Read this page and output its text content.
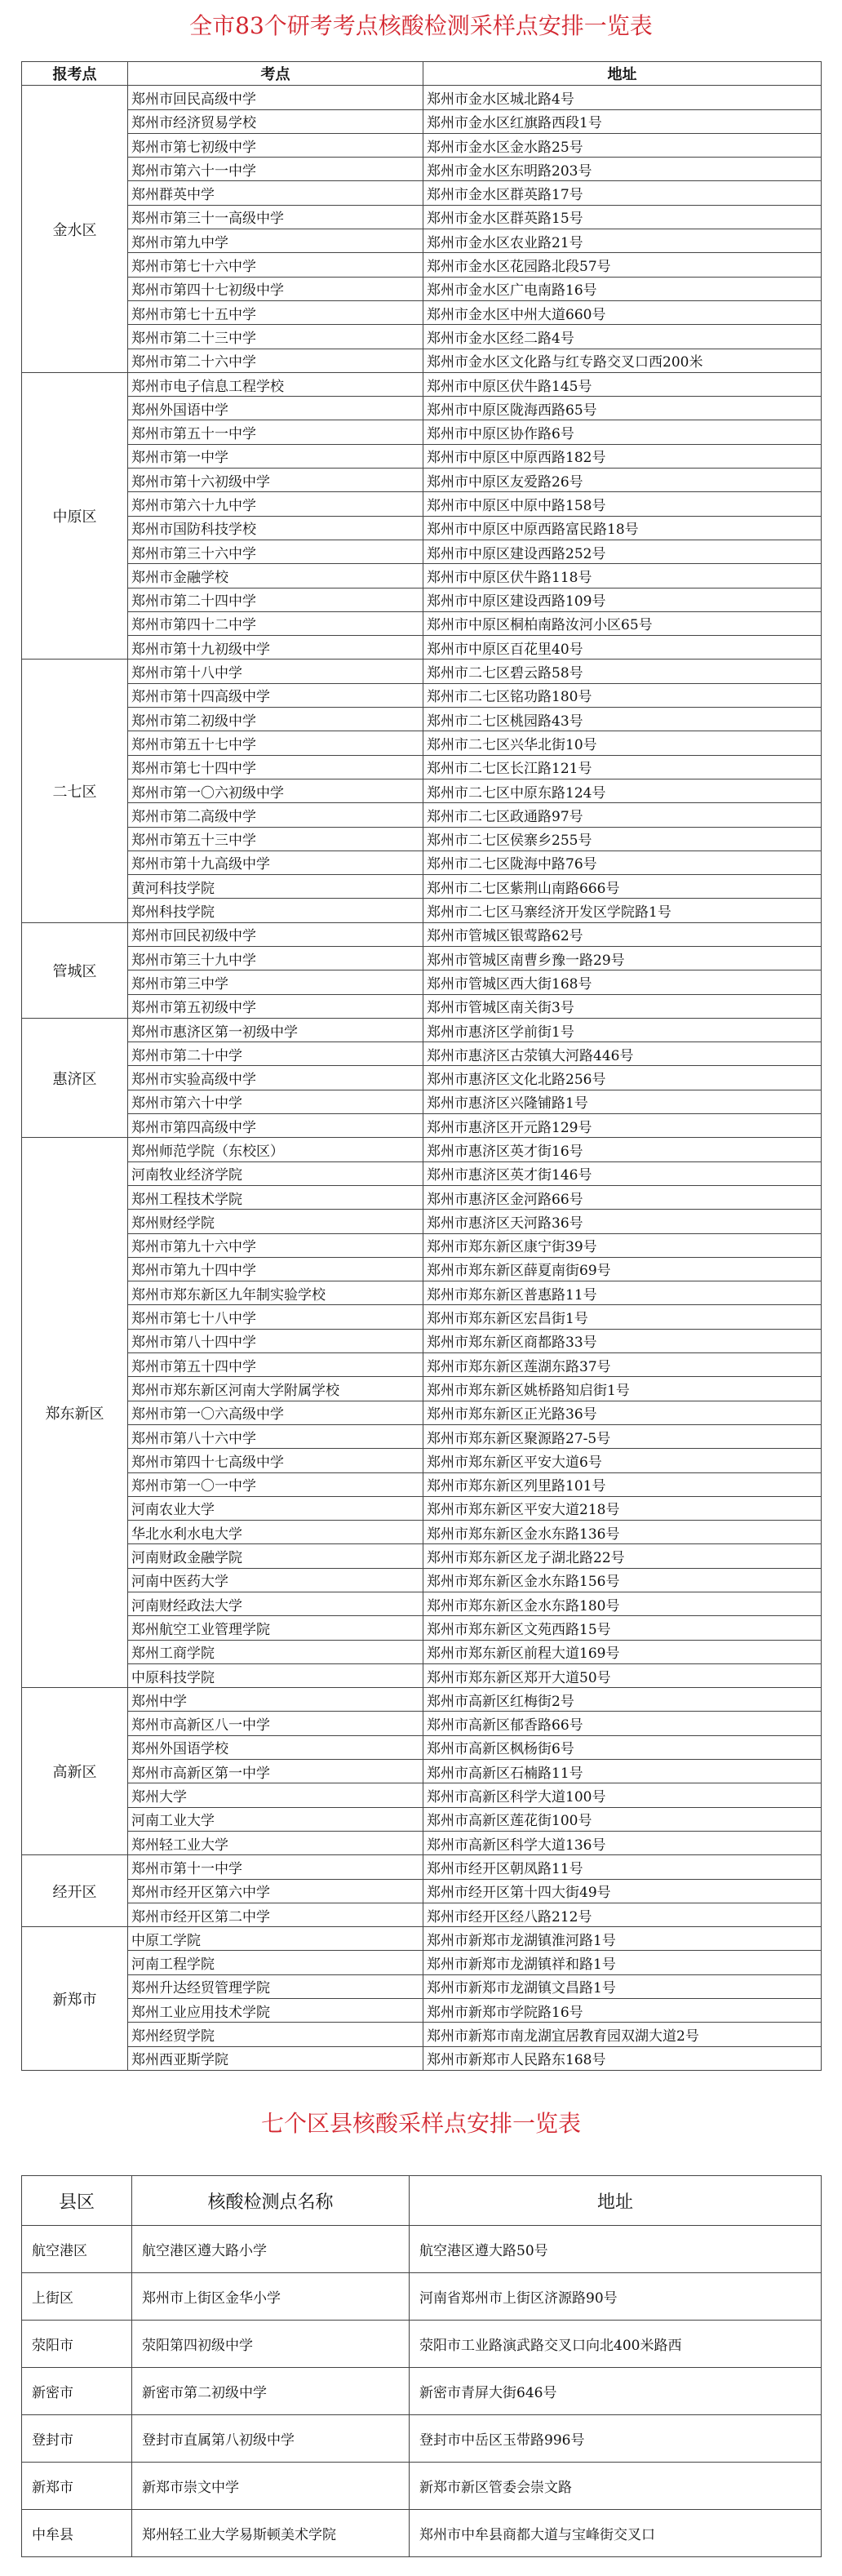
全市83个研考考点核酸检测采样点安排一览表
报考点	考点	地址
金水区	郑州市回民高级中学	郑州市金水区城北路4号
	郑州市经济贸易学校	郑州市金水区红旗路西段1号
	郑州市第七初级中学	郑州市金水区金水路25号
	郑州市第六十一中学	郑州市金水区东明路203号
	郑州群英中学	郑州市金水区群英路17号
	郑州市第三十一高级中学	郑州市金水区群英路15号
	郑州市第九中学	郑州市金水区农业路21号
	郑州市第七十六中学	郑州市金水区花园路北段57号
	郑州市第四十七初级中学	郑州市金水区广电南路16号
	郑州市第七十五中学	郑州市金水区中州大道660号
	郑州市第二十三中学	郑州市金水区经二路4号
	郑州市第二十六中学	郑州市金水区文化路与红专路交叉口西200米
中原区	郑州市电子信息工程学校	郑州市中原区伏牛路145号
	郑州外国语中学	郑州市中原区陇海西路65号
	郑州市第五十一中学	郑州市中原区协作路6号
	郑州市第一中学	郑州市中原区中原西路182号
	郑州市第十六初级中学	郑州市中原区友爱路26号
	郑州市第六十九中学	郑州市中原区中原中路158号
	郑州市国防科技学校	郑州市中原区中原西路富民路18号
	郑州市第三十六中学	郑州市中原区建设西路252号
	郑州市金融学校	郑州市中原区伏牛路118号
	郑州市第二十四中学	郑州市中原区建设西路109号
	郑州市第四十二中学	郑州市中原区桐柏南路汝河小区65号
	郑州市第十九初级中学	郑州市中原区百花里40号
二七区	郑州市第十八中学	郑州市二七区碧云路58号
	郑州市第十四高级中学	郑州市二七区铭功路180号
	郑州市第二初级中学	郑州市二七区桃园路43号
	郑州市第五十七中学	郑州市二七区兴华北街10号
	郑州市第七十四中学	郑州市二七区长江路121号
	郑州市第一〇六初级中学	郑州市二七区中原东路124号
	郑州市第二高级中学	郑州市二七区政通路97号
	郑州市第五十三中学	郑州市二七区侯寨乡255号
	郑州市第十九高级中学	郑州市二七区陇海中路76号
	黄河科技学院	郑州市二七区紫荆山南路666号
	郑州科技学院	郑州市二七区马寨经济开发区学院路1号
管城区	郑州市回民初级中学	郑州市管城区银莺路62号
	郑州市第三十九中学	郑州市管城区南曹乡豫一路29号
	郑州市第三中学	郑州市管城区西大街168号
	郑州市第五初级中学	郑州市管城区南关街3号
惠济区	郑州市惠济区第一初级中学	郑州市惠济区学前街1号
	郑州市第二十中学	郑州市惠济区古荥镇大河路446号
	郑州市实验高级中学	郑州市惠济区文化北路256号
	郑州市第六十中学	郑州市惠济区兴隆铺路1号
	郑州市第四高级中学	郑州市惠济区开元路129号
郑东新区	郑州师范学院（东校区）	郑州市惠济区英才街16号
	河南牧业经济学院	郑州市惠济区英才街146号
	郑州工程技术学院	郑州市惠济区金河路66号
	郑州财经学院	郑州市惠济区天河路36号
	郑州市第九十六中学	郑州市郑东新区康宁街39号
	郑州市第九十四中学	郑州市郑东新区薛夏南街69号
	郑州市郑东新区九年制实验学校	郑州市郑东新区普惠路11号
	郑州市第七十八中学	郑州市郑东新区宏昌街1号
	郑州市第八十四中学	郑州市郑东新区商都路33号
	郑州市第五十四中学	郑州市郑东新区莲湖东路37号
	郑州市郑东新区河南大学附属学校	郑州市郑东新区姚桥路知启街1号
	郑州市第一〇六高级中学	郑州市郑东新区正光路36号
	郑州市第八十六中学	郑州市郑东新区聚源路27-5号
	郑州市第四十七高级中学	郑州市郑东新区平安大道6号
	郑州市第一〇一中学	郑州市郑东新区列里路101号
	河南农业大学	郑州市郑东新区平安大道218号
	华北水利水电大学	郑州市郑东新区金水东路136号
	河南财政金融学院	郑州市郑东新区龙子湖北路22号
	河南中医药大学	郑州市郑东新区金水东路156号
	河南财经政法大学	郑州市郑东新区金水东路180号
	郑州航空工业管理学院	郑州市郑东新区文苑西路15号
	郑州工商学院	郑州市郑东新区前程大道169号
	中原科技学院	郑州市郑东新区郑开大道50号
高新区	郑州中学	郑州市高新区红梅街2号
	郑州市高新区八一中学	郑州市高新区郁香路66号
	郑州外国语学校	郑州市高新区枫杨街6号
	郑州市高新区第一中学	郑州市高新区石楠路11号
	郑州大学	郑州市高新区科学大道100号
	河南工业大学	郑州市高新区莲花街100号
	郑州轻工业大学	郑州市高新区科学大道136号
经开区	郑州市第十一中学	郑州市经开区朝凤路11号
	郑州市经开区第六中学	郑州市经开区第十四大街49号
	郑州市经开区第二中学	郑州市经开区经八路212号
新郑市	中原工学院	郑州市新郑市龙湖镇淮河路1号
	河南工程学院	郑州市新郑市龙湖镇祥和路1号
	郑州升达经贸管理学院	郑州市新郑市龙湖镇文昌路1号
	郑州工业应用技术学院	郑州市新郑市学院路16号
	郑州经贸学院	郑州市新郑市南龙湖宜居教育园双湖大道2号
	郑州西亚斯学院	郑州市新郑市人民路东168号
七个区县核酸采样点安排一览表
县区	核酸检测点名称	地址
航空港区	航空港区遵大路小学	航空港区遵大路50号
上街区	郑州市上街区金华小学	河南省郑州市上街区济源路90号
荥阳市	荥阳第四初级中学	荥阳市工业路演武路交叉口向北400米路西
新密市	新密市第二初级中学	新密市青屏大街646号
登封市	登封市直属第八初级中学	登封市中岳区玉带路996号
新郑市	新郑市崇文中学	新郑市新区管委会崇文路
中牟县	郑州轻工业大学易斯顿美术学院	郑州市中牟县商都大道与宝峰街交叉口
